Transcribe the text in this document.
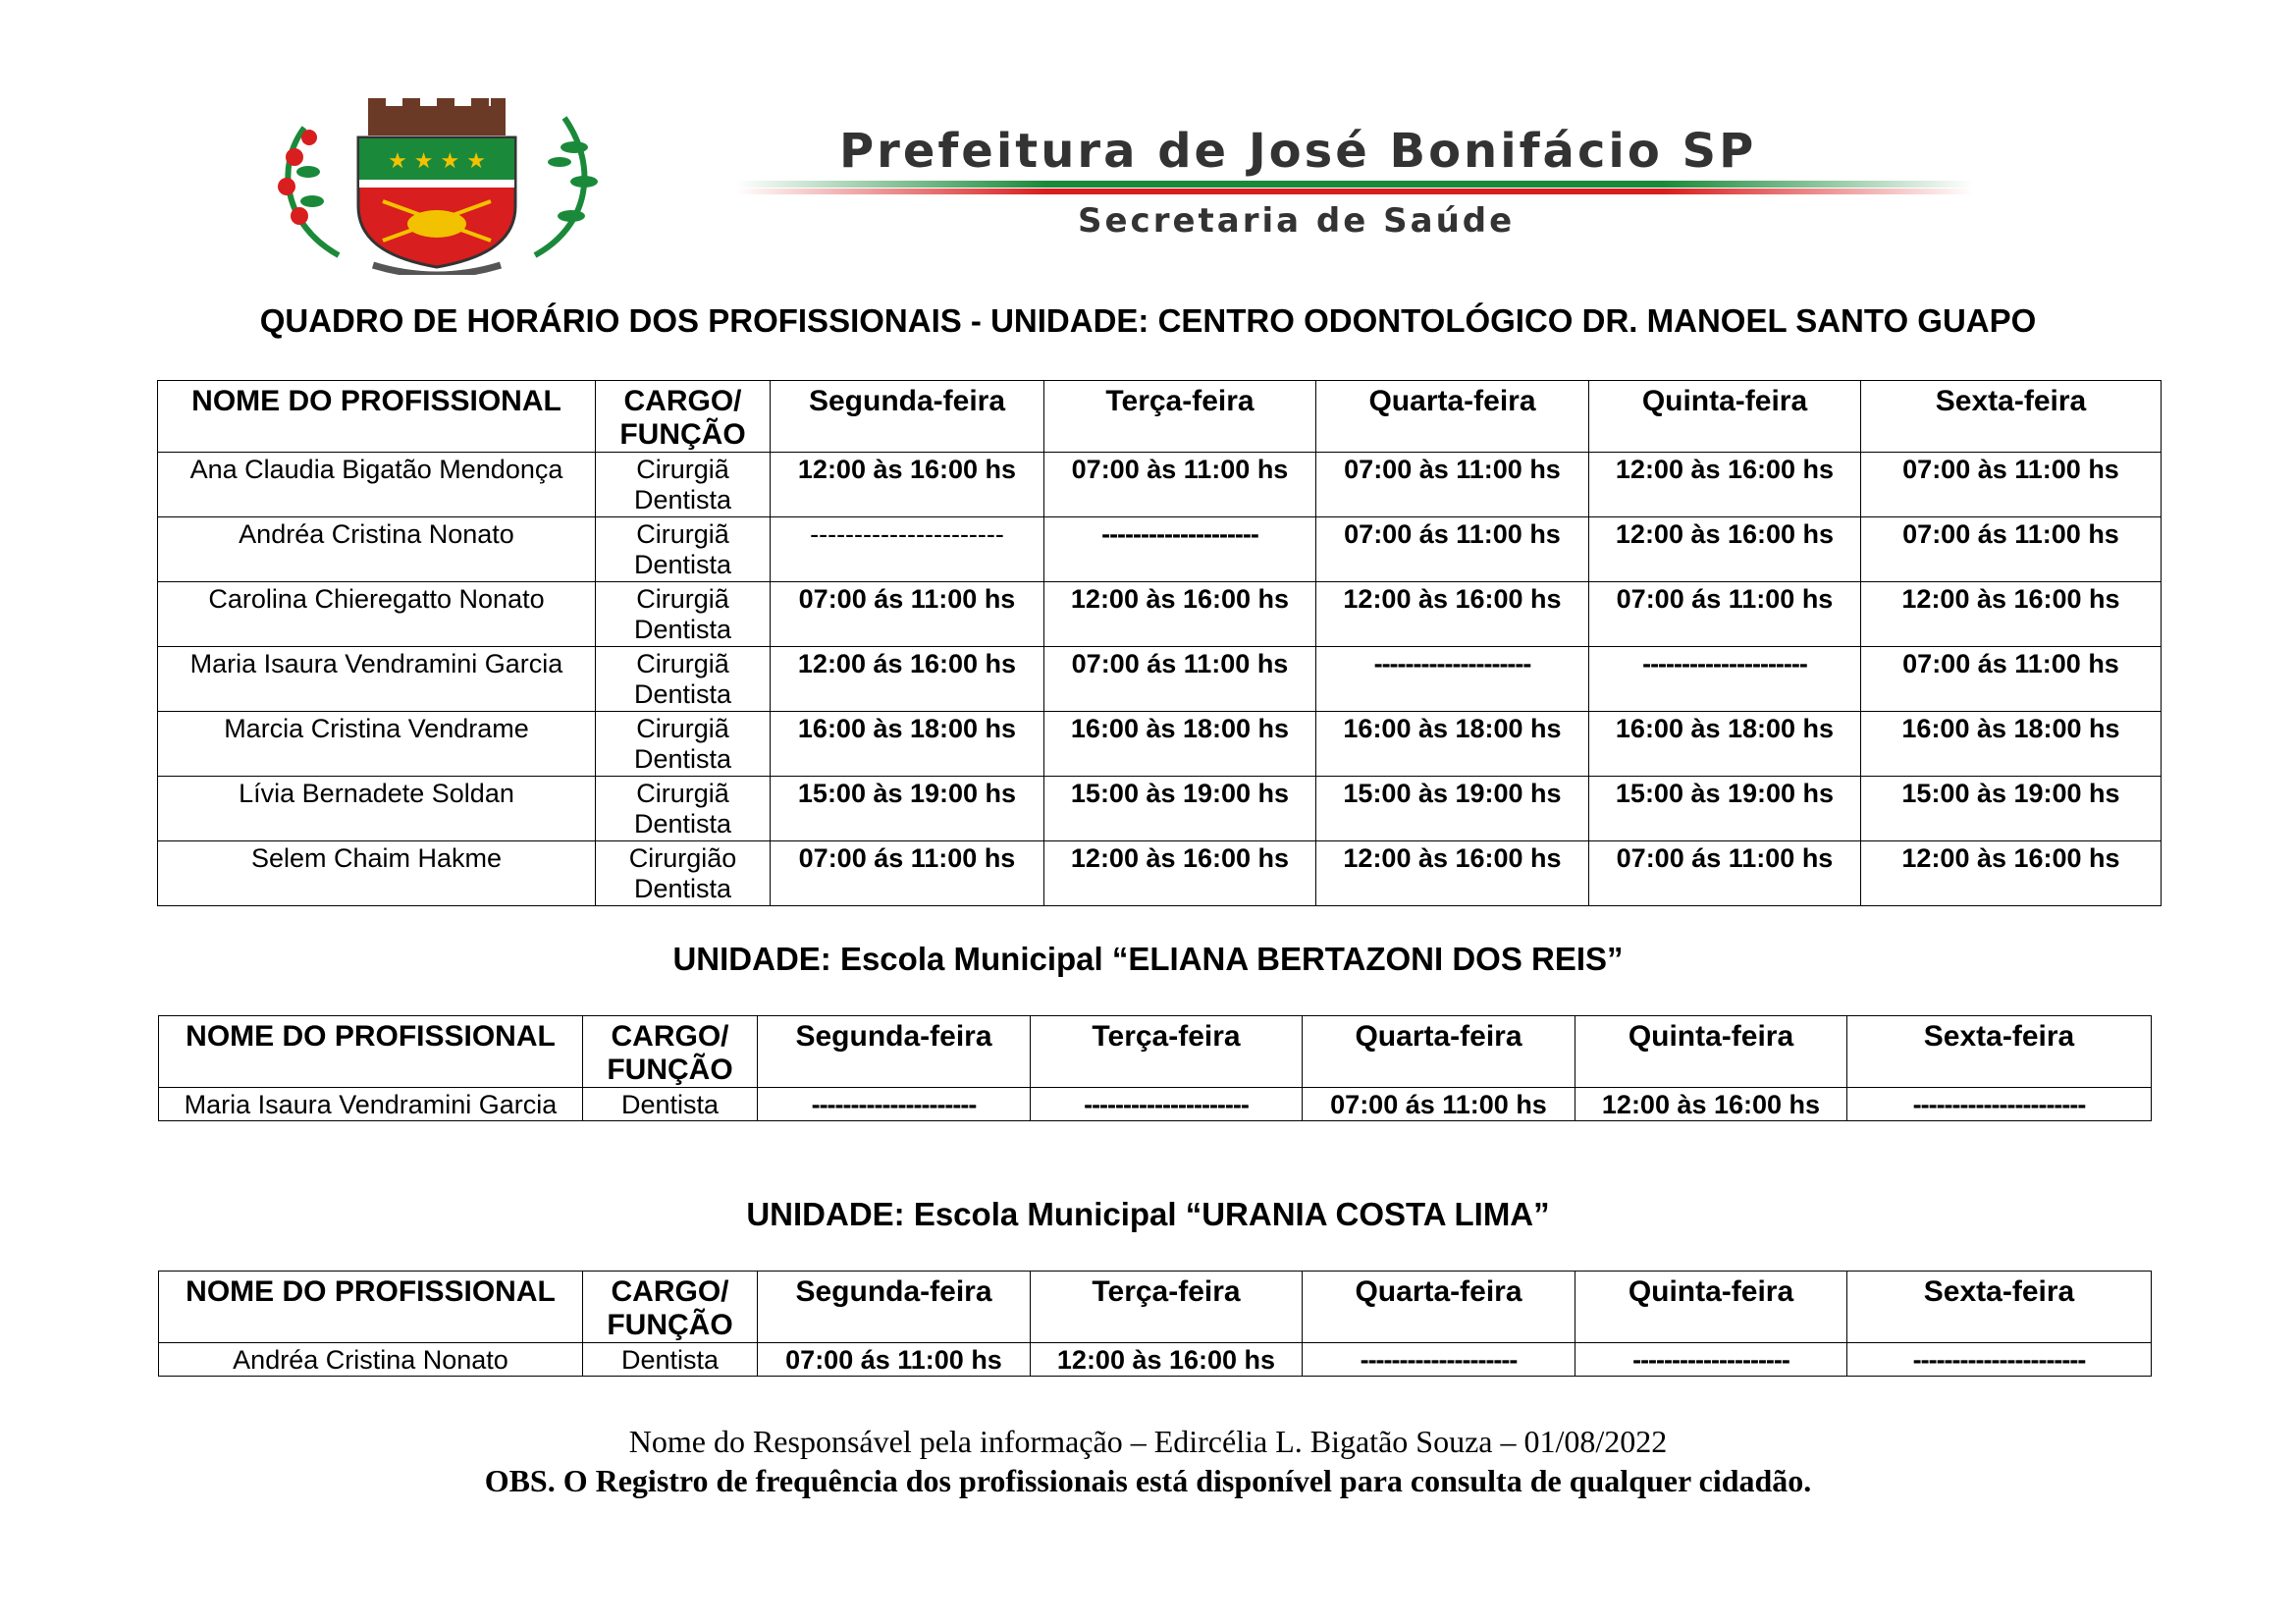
★ ★ ★ ★	Prefeitura de José Bonifácio SP
Secretaria de Saúde
QUADRO DE HORÁRIO DOS PROFISSIONAIS - UNIDADE: CENTRO ODONTOLÓGICO DR. MANOEL SANTO GUAPO
NOME DO PROFISSIONAL	CARGO/ FUNÇÃO	Segunda-feira	Terça-feira	Quarta-feira	Quinta-feira	Sexta-feira
Ana Claudia Bigatão Mendonça	Cirurgiã Dentista	12:00 às 16:00 hs	07:00 às 11:00 hs	07:00 às 11:00 hs	12:00 às 16:00 hs	07:00 às 11:00 hs
Andréa Cristina Nonato	Cirurgiã Dentista	----------------------	--------------------	07:00 ás 11:00 hs	12:00 às 16:00 hs	07:00 ás 11:00 hs
Carolina Chieregatto Nonato	Cirurgiã Dentista	07:00 ás 11:00 hs	12:00 às 16:00 hs	12:00 às 16:00 hs	07:00 ás 11:00 hs	12:00 às 16:00 hs
Maria Isaura Vendramini Garcia	Cirurgiã Dentista	12:00 ás 16:00 hs	07:00 ás 11:00 hs	--------------------	---------------------	07:00 ás 11:00 hs
Marcia Cristina Vendrame	Cirurgiã Dentista	16:00 às 18:00 hs	16:00 às 18:00 hs	16:00 às 18:00 hs	16:00 às 18:00 hs	16:00 às 18:00 hs
Lívia Bernadete Soldan	Cirurgiã Dentista	15:00 às 19:00 hs	15:00 às 19:00 hs	15:00 às 19:00 hs	15:00 às 19:00 hs	15:00 às 19:00 hs
Selem Chaim Hakme	Cirurgião Dentista	07:00 ás 11:00 hs	12:00 às 16:00 hs	12:00 às 16:00 hs	07:00 ás 11:00 hs	12:00 às 16:00 hs
UNIDADE: Escola Municipal “ELIANA BERTAZONI DOS REIS”
NOME DO PROFISSIONAL	CARGO/ FUNÇÃO	Segunda-feira	Terça-feira	Quarta-feira	Quinta-feira	Sexta-feira
Maria Isaura Vendramini Garcia	Dentista	---------------------	---------------------	07:00 ás 11:00 hs	12:00 às 16:00 hs	----------------------
UNIDADE: Escola Municipal “URANIA COSTA LIMA”
NOME DO PROFISSIONAL	CARGO/ FUNÇÃO	Segunda-feira	Terça-feira	Quarta-feira	Quinta-feira	Sexta-feira
Andréa Cristina Nonato	Dentista	07:00 ás 11:00 hs	12:00 às 16:00 hs	--------------------	--------------------	----------------------
Nome do Responsável pela informação – Edircélia L. Bigatão Souza – 01/08/2022
OBS. O Registro de frequência dos profissionais está disponível para consulta de qualquer cidadão.
